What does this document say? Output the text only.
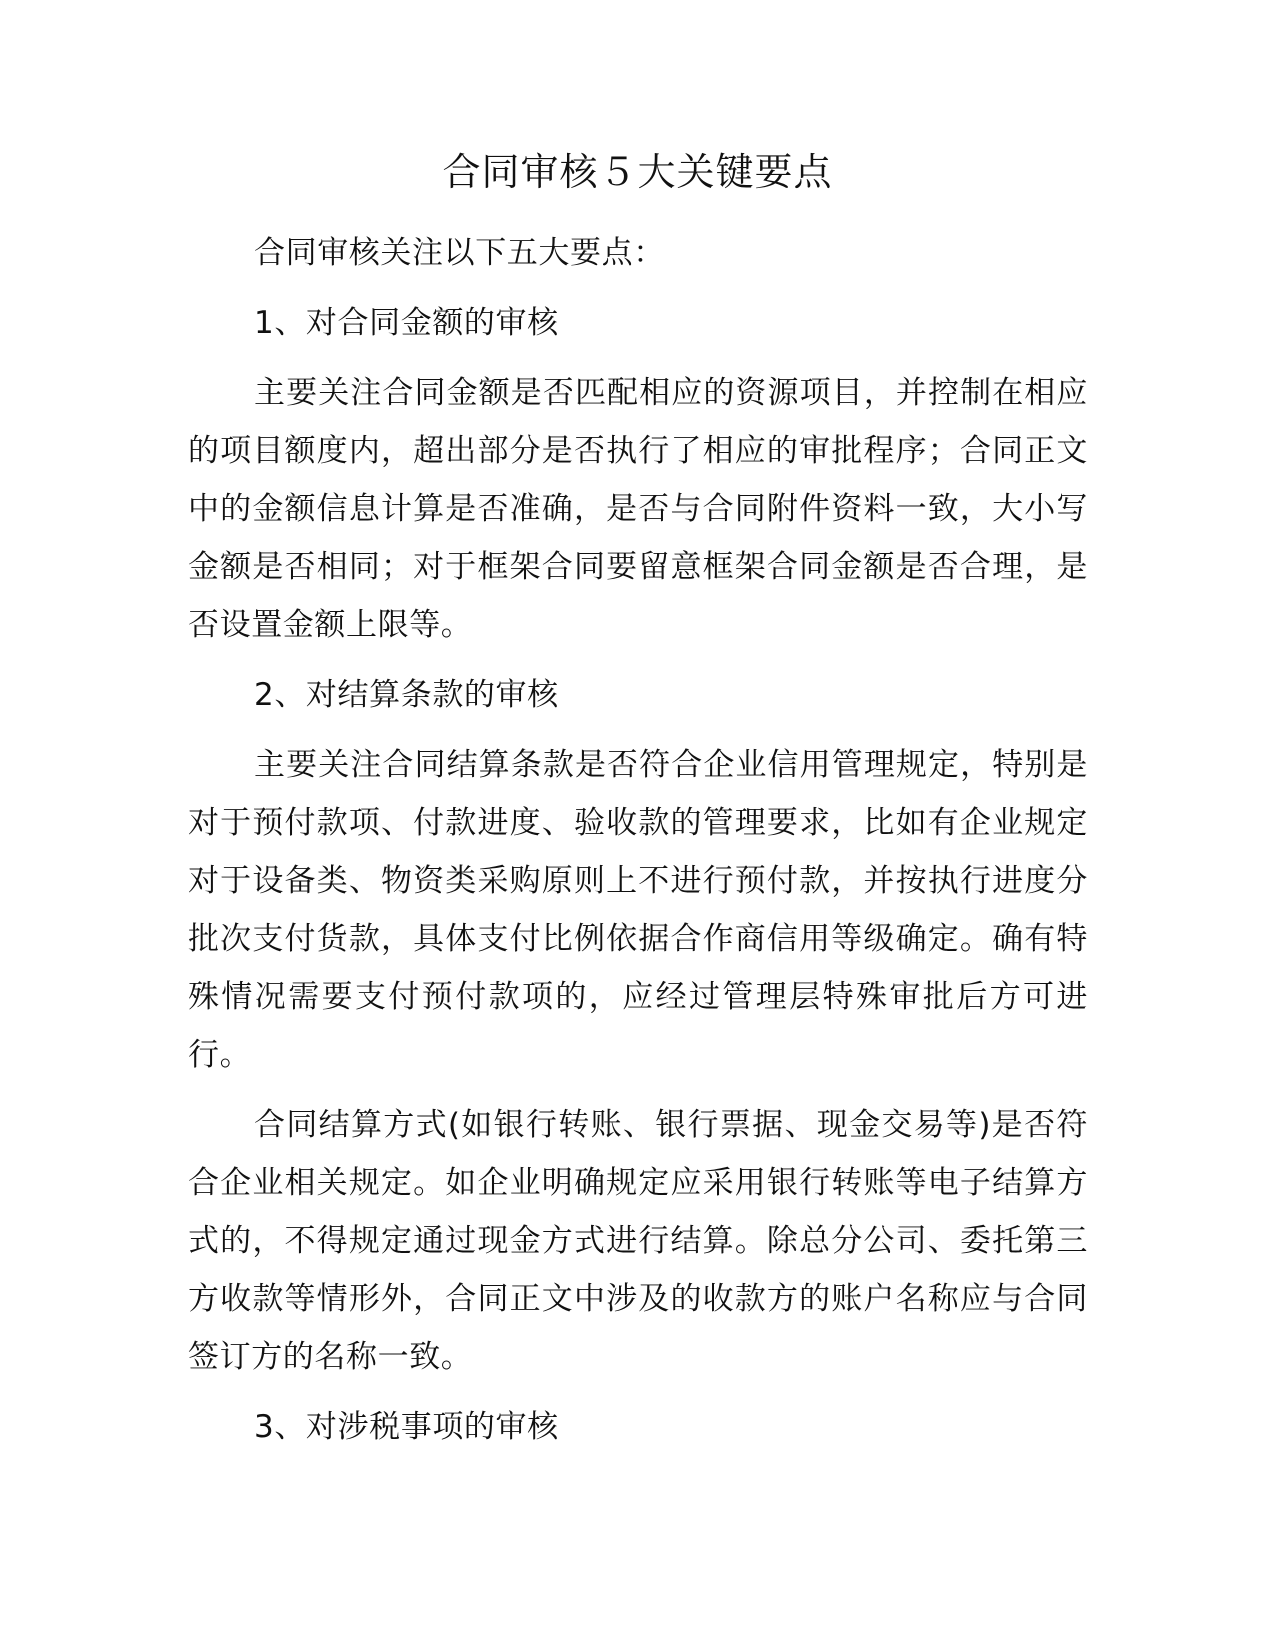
合同审核５大关键要点

合同审核关注以下五大要点：

1、对合同金额的审核

主要关注合同金额是否匹配相应的资源项目，并控制在相应的项目额度内，超出部分是否执行了相应的审批程序；合同正文中的金额信息计算是否准确，是否与合同附件资料一致，大小写金额是否相同；对于框架合同要留意框架合同金额是否合理，是否设置金额上限等。

2、对结算条款的审核

主要关注合同结算条款是否符合企业信用管理规定，特别是对于预付款项、付款进度、验收款的管理要求，比如有企业规定对于设备类、物资类采购原则上不进行预付款，并按执行进度分批次支付货款，具体支付比例依据合作商信用等级确定。确有特殊情况需要支付预付款项的，应经过管理层特殊审批后方可进行。

合同结算方式(如银行转账、银行票据、现金交易等)是否符合企业相关规定。如企业明确规定应采用银行转账等电子结算方式的，不得规定通过现金方式进行结算。除总分公司、委托第三方收款等情形外，合同正文中涉及的收款方的账户名称应与合同签订方的名称一致。

3、对涉税事项的审核
